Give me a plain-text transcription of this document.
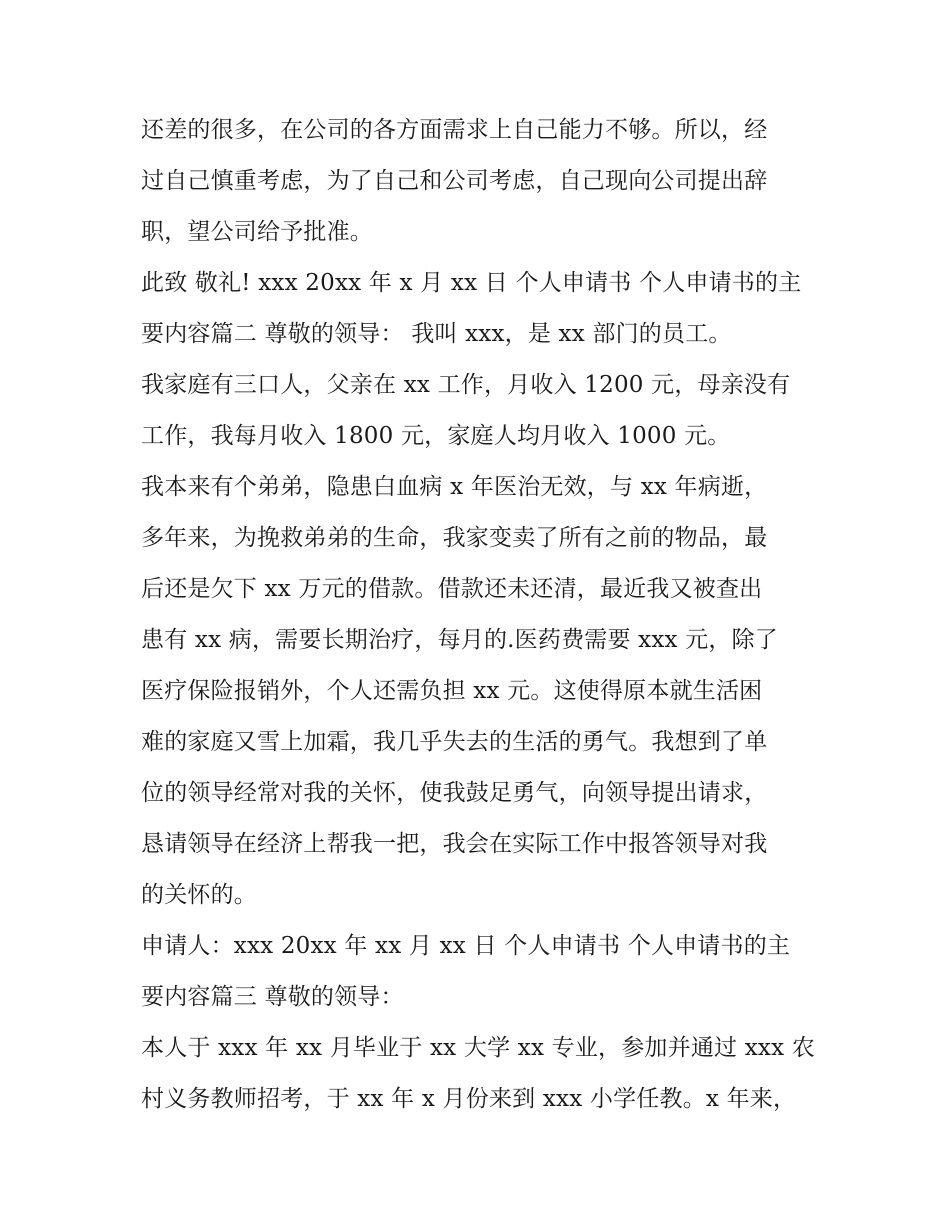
还差的很多，在公司的各方面需求上自己能力不够。所以，经
过自己慎重考虑，为了自己和公司考虑，自己现向公司提出辞
职，望公司给予批准。
此致 敬礼! xxx 20xx 年 x 月 xx 日 个人申请书 个人申请书的主
要内容篇二 尊敬的领导： 我叫 xxx，是 xx 部门的员工。
我家庭有三口人，父亲在 xx 工作，月收入 1200 元，母亲没有
工作，我每月收入 1800 元，家庭人均月收入 1000 元。
我本来有个弟弟，隐患白血病 x 年医治无效，与 xx 年病逝，
多年来，为挽救弟弟的生命，我家变卖了所有之前的物品，最
后还是欠下 xx 万元的借款。借款还未还清，最近我又被查出
患有 xx 病，需要长期治疗，每月的.医药费需要 xxx 元，除了
医疗保险报销外，个人还需负担 xx 元。这使得原本就生活困
难的家庭又雪上加霜，我几乎失去的生活的勇气。我想到了单
位的领导经常对我的关怀，使我鼓足勇气，向领导提出请求，
恳请领导在经济上帮我一把，我会在实际工作中报答领导对我
的关怀的。
申请人：xxx 20xx 年 xx 月 xx 日 个人申请书 个人申请书的主
要内容篇三 尊敬的领导：
本人于 xxx 年 xx 月毕业于 xx 大学 xx 专业，参加并通过 xxx 农
村义务教师招考，于 xx 年 x 月份来到 xxx 小学任教。x 年来，
